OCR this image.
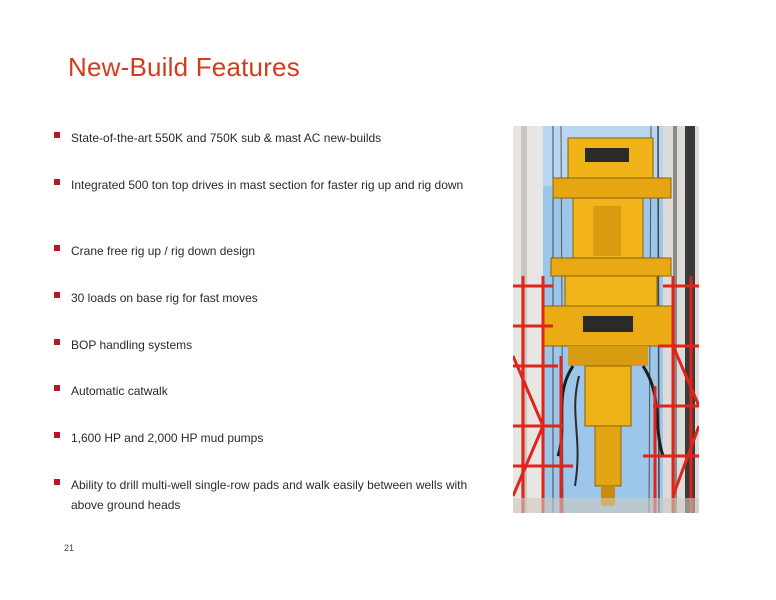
New-Build Features
State-of-the-art 550K and 750K sub & mast AC new-builds
Integrated 500 ton top drives in mast section for faster rig up and rig down
Crane free rig up / rig down design
30 loads on base rig for fast moves
BOP handling systems
Automatic catwalk
1,600 HP and 2,000 HP mud pumps
Ability to drill multi-well single-row pads and walk easily between wells with above ground heads
21
